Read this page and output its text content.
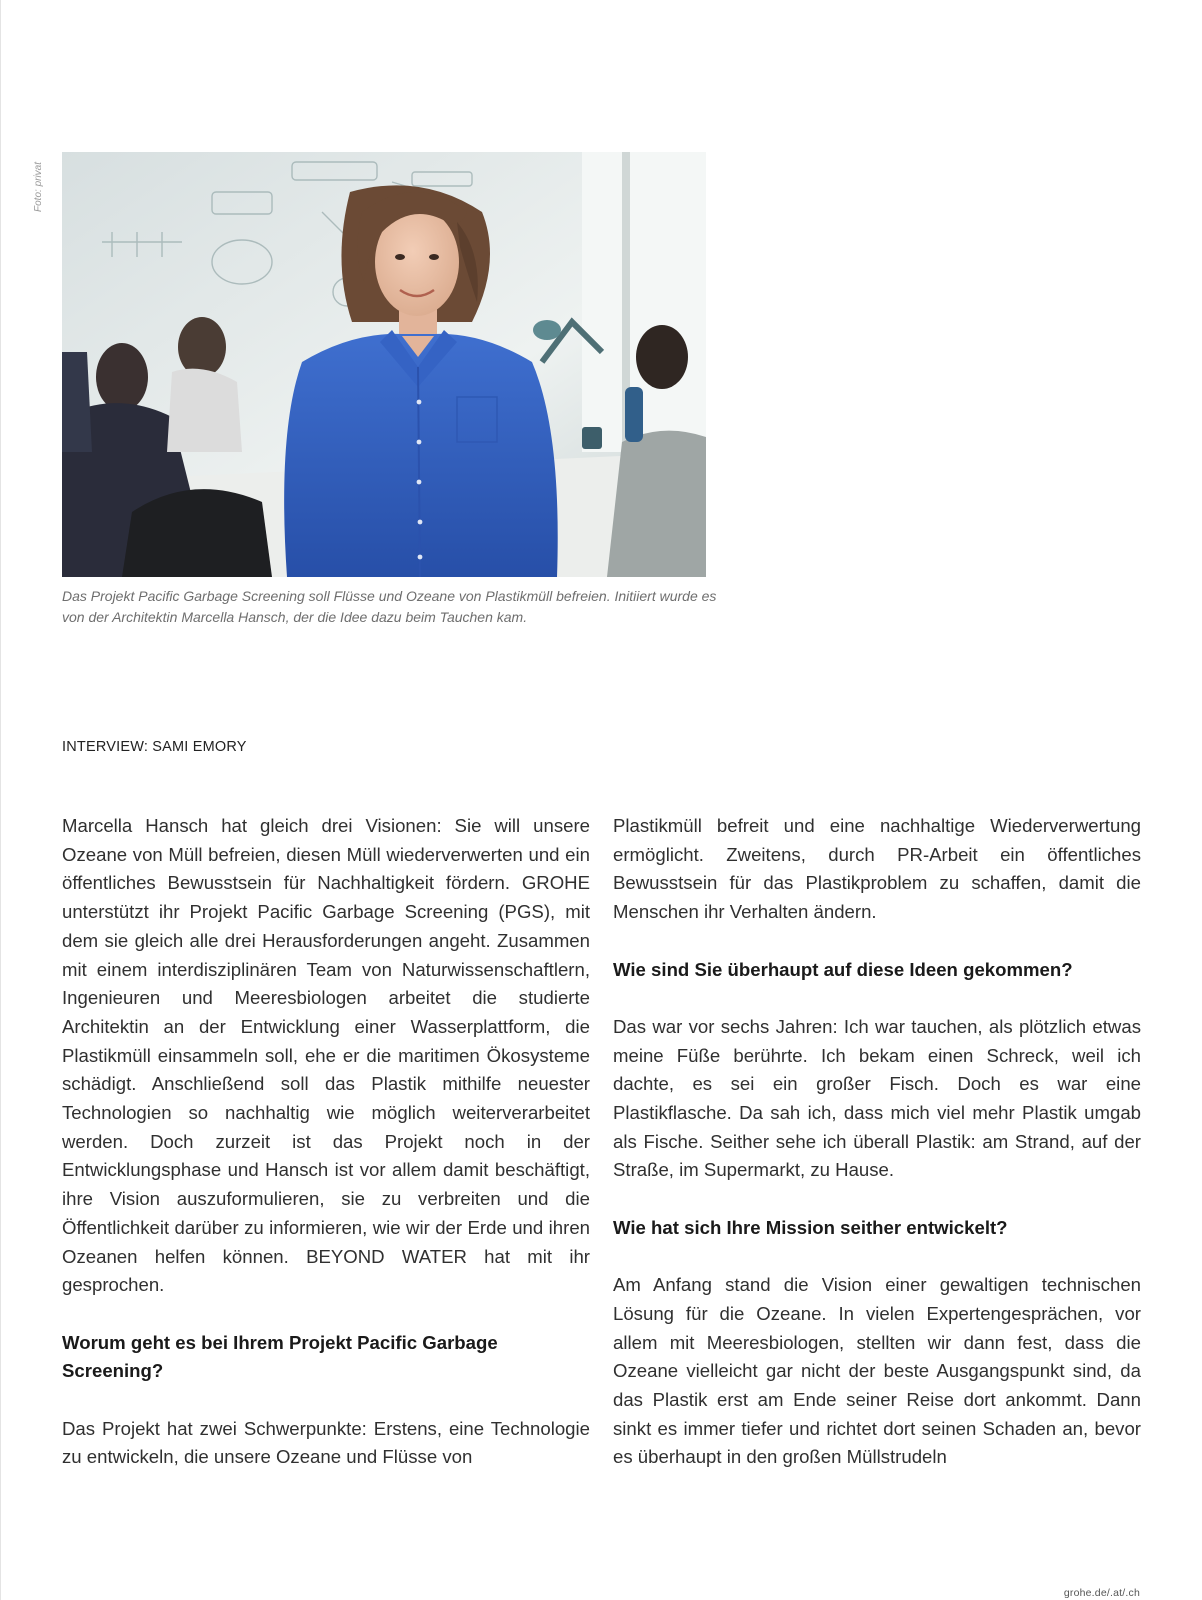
Foto: privat
Das Projekt Pacific Garbage Screening soll Flüsse und Ozeane von Plastikmüll befreien. Initiiert wurde es von der Architektin Marcella Hansch, der die Idee dazu beim Tauchen kam.
INTERVIEW: SAMI EMORY

Marcella Hansch hat gleich drei Visionen: Sie will unsere Ozeane von Müll befreien, diesen Müll wiederverwerten und ein öffentliches Bewusstsein für Nachhaltigkeit fördern. GROHE unterstützt ihr Projekt Pacific Garbage Screening (PGS), mit dem sie gleich alle drei Herausforderungen angeht. Zusammen mit einem interdisziplinären Team von Naturwissenschaftlern, Ingenieuren und Meeresbiologen arbeitet die studierte Architektin an der Entwicklung einer Wasserplattform, die Plastikmüll einsammeln soll, ehe er die maritimen Ökosysteme schädigt. Anschließend soll das Plastik mithilfe neuester Technologien so nachhaltig wie möglich weiterverarbeitet werden. Doch zurzeit ist das Projekt noch in der Entwicklungsphase und Hansch ist vor allem damit beschäftigt, ihre Vision auszuformulieren, sie zu verbreiten und die Öffentlichkeit darüber zu informieren, wie wir der Erde und ihren Ozeanen helfen können. BEYOND WATER hat mit ihr gesprochen.

Worum geht es bei Ihrem Projekt Pacific Garbage Screening?

Das Projekt hat zwei Schwerpunkte: Erstens, eine Technologie zu entwickeln, die unsere Ozeane und Flüsse von

Plastikmüll befreit und eine nachhaltige Wiederverwertung ermöglicht. Zweitens, durch PR-Arbeit ein öffentliches Bewusstsein für das Plastikproblem zu schaffen, damit die Menschen ihr Verhalten ändern.

Wie sind Sie überhaupt auf diese Ideen gekommen?

Das war vor sechs Jahren: Ich war tauchen, als plötzlich etwas meine Füße berührte. Ich bekam einen Schreck, weil ich dachte, es sei ein großer Fisch. Doch es war eine Plastikflasche. Da sah ich, dass mich viel mehr Plastik umgab als Fische. Seither sehe ich überall Plastik: am Strand, auf der Straße, im Supermarkt, zu Hause.

Wie hat sich Ihre Mission seither entwickelt?

Am Anfang stand die Vision einer gewaltigen technischen Lösung für die Ozeane. In vielen Expertengesprächen, vor allem mit Meeresbiologen, stellten wir dann fest, dass die Ozeane vielleicht gar nicht der beste Ausgangspunkt sind, da das Plastik erst am Ende seiner Reise dort ankommt. Dann sinkt es immer tiefer und richtet dort seinen Schaden an, bevor es überhaupt in den großen Müllstrudeln

grohe.de/.at/.ch
